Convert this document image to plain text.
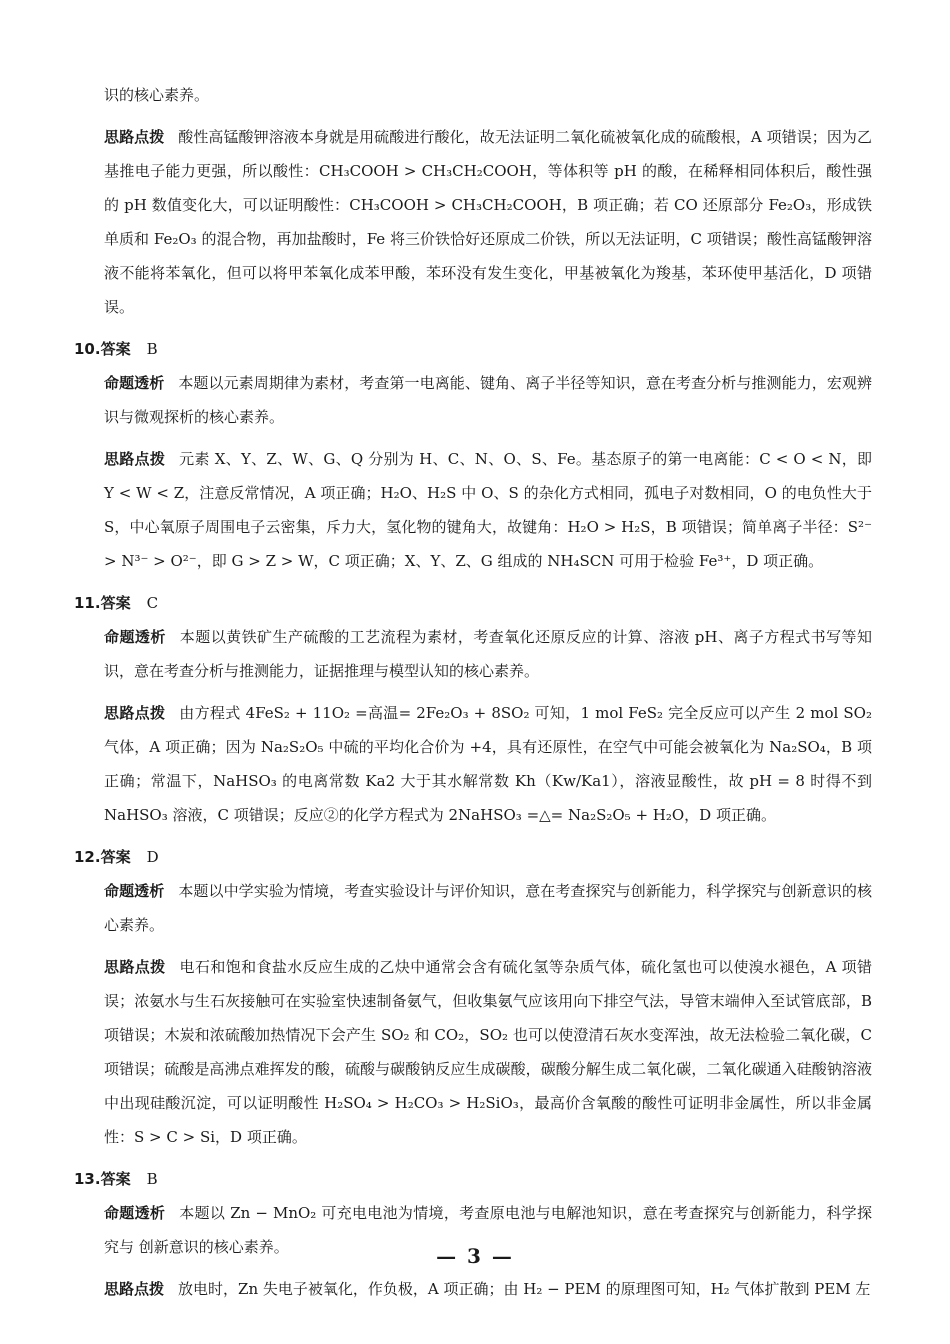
识的核心素养。

思路点拨 酸性高锰酸钾溶液本身就是用硫酸进行酸化，故无法证明二氧化硫被氧化成的硫酸根，A 项错误；因为乙基推电子能力更强，所以酸性：CH₃COOH > CH₃CH₂COOH，等体积等 pH 的酸，在稀释相同体积后，酸性强的 pH 数值变化大，可以证明酸性：CH₃COOH > CH₃CH₂COOH，B 项正确；若 CO 还原部分 Fe₂O₃，形成铁单质和 Fe₂O₃ 的混合物，再加盐酸时，Fe 将三价铁恰好还原成二价铁，所以无法证明，C 项错误；酸性高锰酸钾溶液不能将苯氧化，但可以将甲苯氧化成苯甲酸，苯环没有发生变化，甲基被氧化为羧基，苯环使甲基活化，D 项错误。

10.答案 B

命题透析 本题以元素周期律为素材，考查第一电离能、键角、离子半径等知识，意在考查分析与推测能力，宏观辨识与微观探析的核心素养。

思路点拨 元素 X、Y、Z、W、G、Q 分别为 H、C、N、O、S、Fe。基态原子的第一电离能：C < O < N，即 Y < W < Z，注意反常情况，A 项正确；H₂O、H₂S 中 O、S 的杂化方式相同，孤电子对数相同，O 的电负性大于 S，中心氧原子周围电子云密集，斥力大，氢化物的键角大，故键角：H₂O > H₂S，B 项错误；简单离子半径：S²⁻ > N³⁻ > O²⁻，即 G > Z > W，C 项正确；X、Y、Z、G 组成的 NH₄SCN 可用于检验 Fe³⁺，D 项正确。

11.答案 C

命题透析 本题以黄铁矿生产硫酸的工艺流程为素材，考查氧化还原反应的计算、溶液 pH、离子方程式书写等知识，意在考查分析与推测能力，证据推理与模型认知的核心素养。

思路点拨 由方程式 4FeS₂ + 11O₂ =高温= 2Fe₂O₃ + 8SO₂ 可知，1 mol FeS₂ 完全反应可以产生 2 mol SO₂ 气体，A 项正确；因为 Na₂S₂O₅ 中硫的平均化合价为 +4，具有还原性，在空气中可能会被氧化为 Na₂SO₄，B 项正确；常温下，NaHSO₃ 的电离常数 Ka2 大于其水解常数 Kh（Kw/Ka1），溶液显酸性，故 pH = 8 时得不到 NaHSO₃ 溶液，C 项错误；反应②的化学方程式为 2NaHSO₃ =△= Na₂S₂O₅ + H₂O，D 项正确。

12.答案 D

命题透析 本题以中学实验为情境，考查实验设计与评价知识，意在考查探究与创新能力，科学探究与创新意识的核心素养。

思路点拨 电石和饱和食盐水反应生成的乙炔中通常会含有硫化氢等杂质气体，硫化氢也可以使溴水褪色，A 项错误；浓氨水与生石灰接触可在实验室快速制备氨气，但收集氨气应该用向下排空气法，导管末端伸入至试管底部，B 项错误；木炭和浓硫酸加热情况下会产生 SO₂ 和 CO₂，SO₂ 也可以使澄清石灰水变浑浊，故无法检验二氧化碳，C 项错误；硫酸是高沸点难挥发的酸，硫酸与碳酸钠反应生成碳酸，碳酸分解生成二氧化碳，二氧化碳通入硅酸钠溶液中出现硅酸沉淀，可以证明酸性 H₂SO₄ > H₂CO₃ > H₂SiO₃，最高价含氧酸的酸性可证明非金属性，所以非金属性：S > C > Si，D 项正确。

13.答案 B

命题透析 本题以 Zn − MnO₂ 可充电电池为情境，考查原电池与电解池知识，意在考查探究与创新能力，科学探究与 创新意识的核心素养。

思路点拨 放电时，Zn 失电子被氧化，作负极，A 项正确；由 H₂ − PEM 的原理图可知，H₂ 气体扩散到 PEM 左

— 3 —
